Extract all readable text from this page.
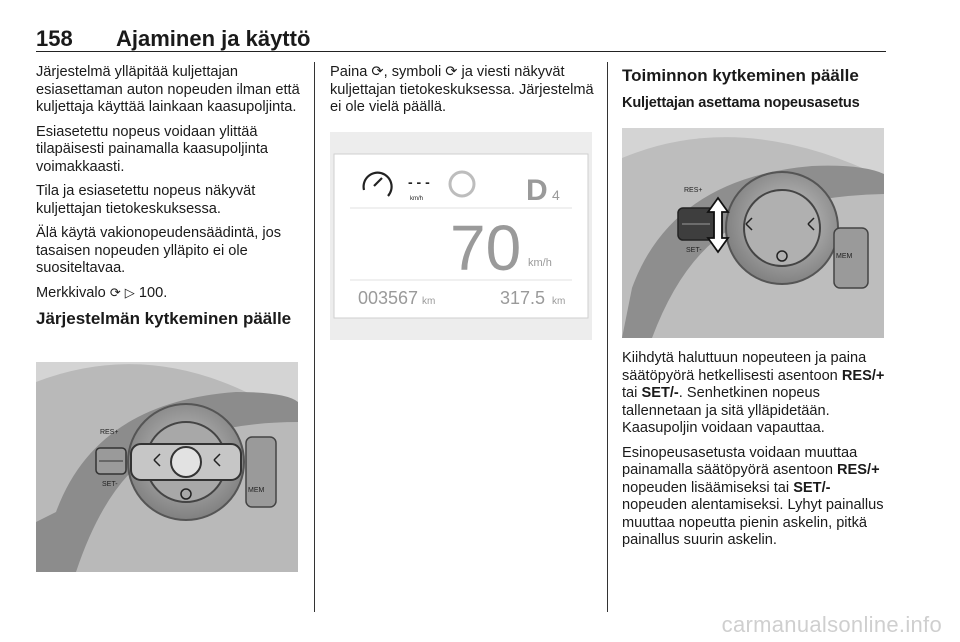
158 Ajaminen ja käyttö

Järjestelmä ylläpitää kuljettajan esiasettaman auton nopeuden ilman että kuljettaja käyttää lainkaan kaasupoljinta.

Esiasetettu nopeus voidaan ylittää tilapäisesti painamalla kaasupoljinta voimakkaasti.

Tila ja esiasetettu nopeus näkyvät kuljettajan tietokeskuksessa.

Älä käytä vakionopeudensäädintä, jos tasaisen nopeuden ylläpito ei ole suositeltavaa.

Merkkivalo ⟳ ▷ 100.

Järjestelmän kytkeminen päälle
RES+
SET-
MEM

Paina ⟳, symboli ⟳ ja viesti näkyvät kuljettajan tietokeskuksessa. Järjestelmä ei ole vielä päällä.

- - -
km/h	D 4
70 km/h
003567 km	317.5 km
Toiminnon kytkeminen päälle
Kuljettajan asettama nopeusasetus
RES+
SET-
MEM

Kiihdytä haluttuun nopeuteen ja paina säätöpyörä hetkellisesti asentoon RES/+ tai SET/-. Senhetkinen nopeus tallennetaan ja sitä ylläpidetään. Kaasupoljin voidaan vapauttaa.

Esinopeusasetusta voidaan muuttaa painamalla säätöpyörä asentoon RES/+ nopeuden lisäämiseksi tai SET/- nopeuden alentamiseksi. Lyhyt painallus muuttaa nopeutta pienin askelin, pitkä painallus suurin askelin.

carmanualsonline.info
